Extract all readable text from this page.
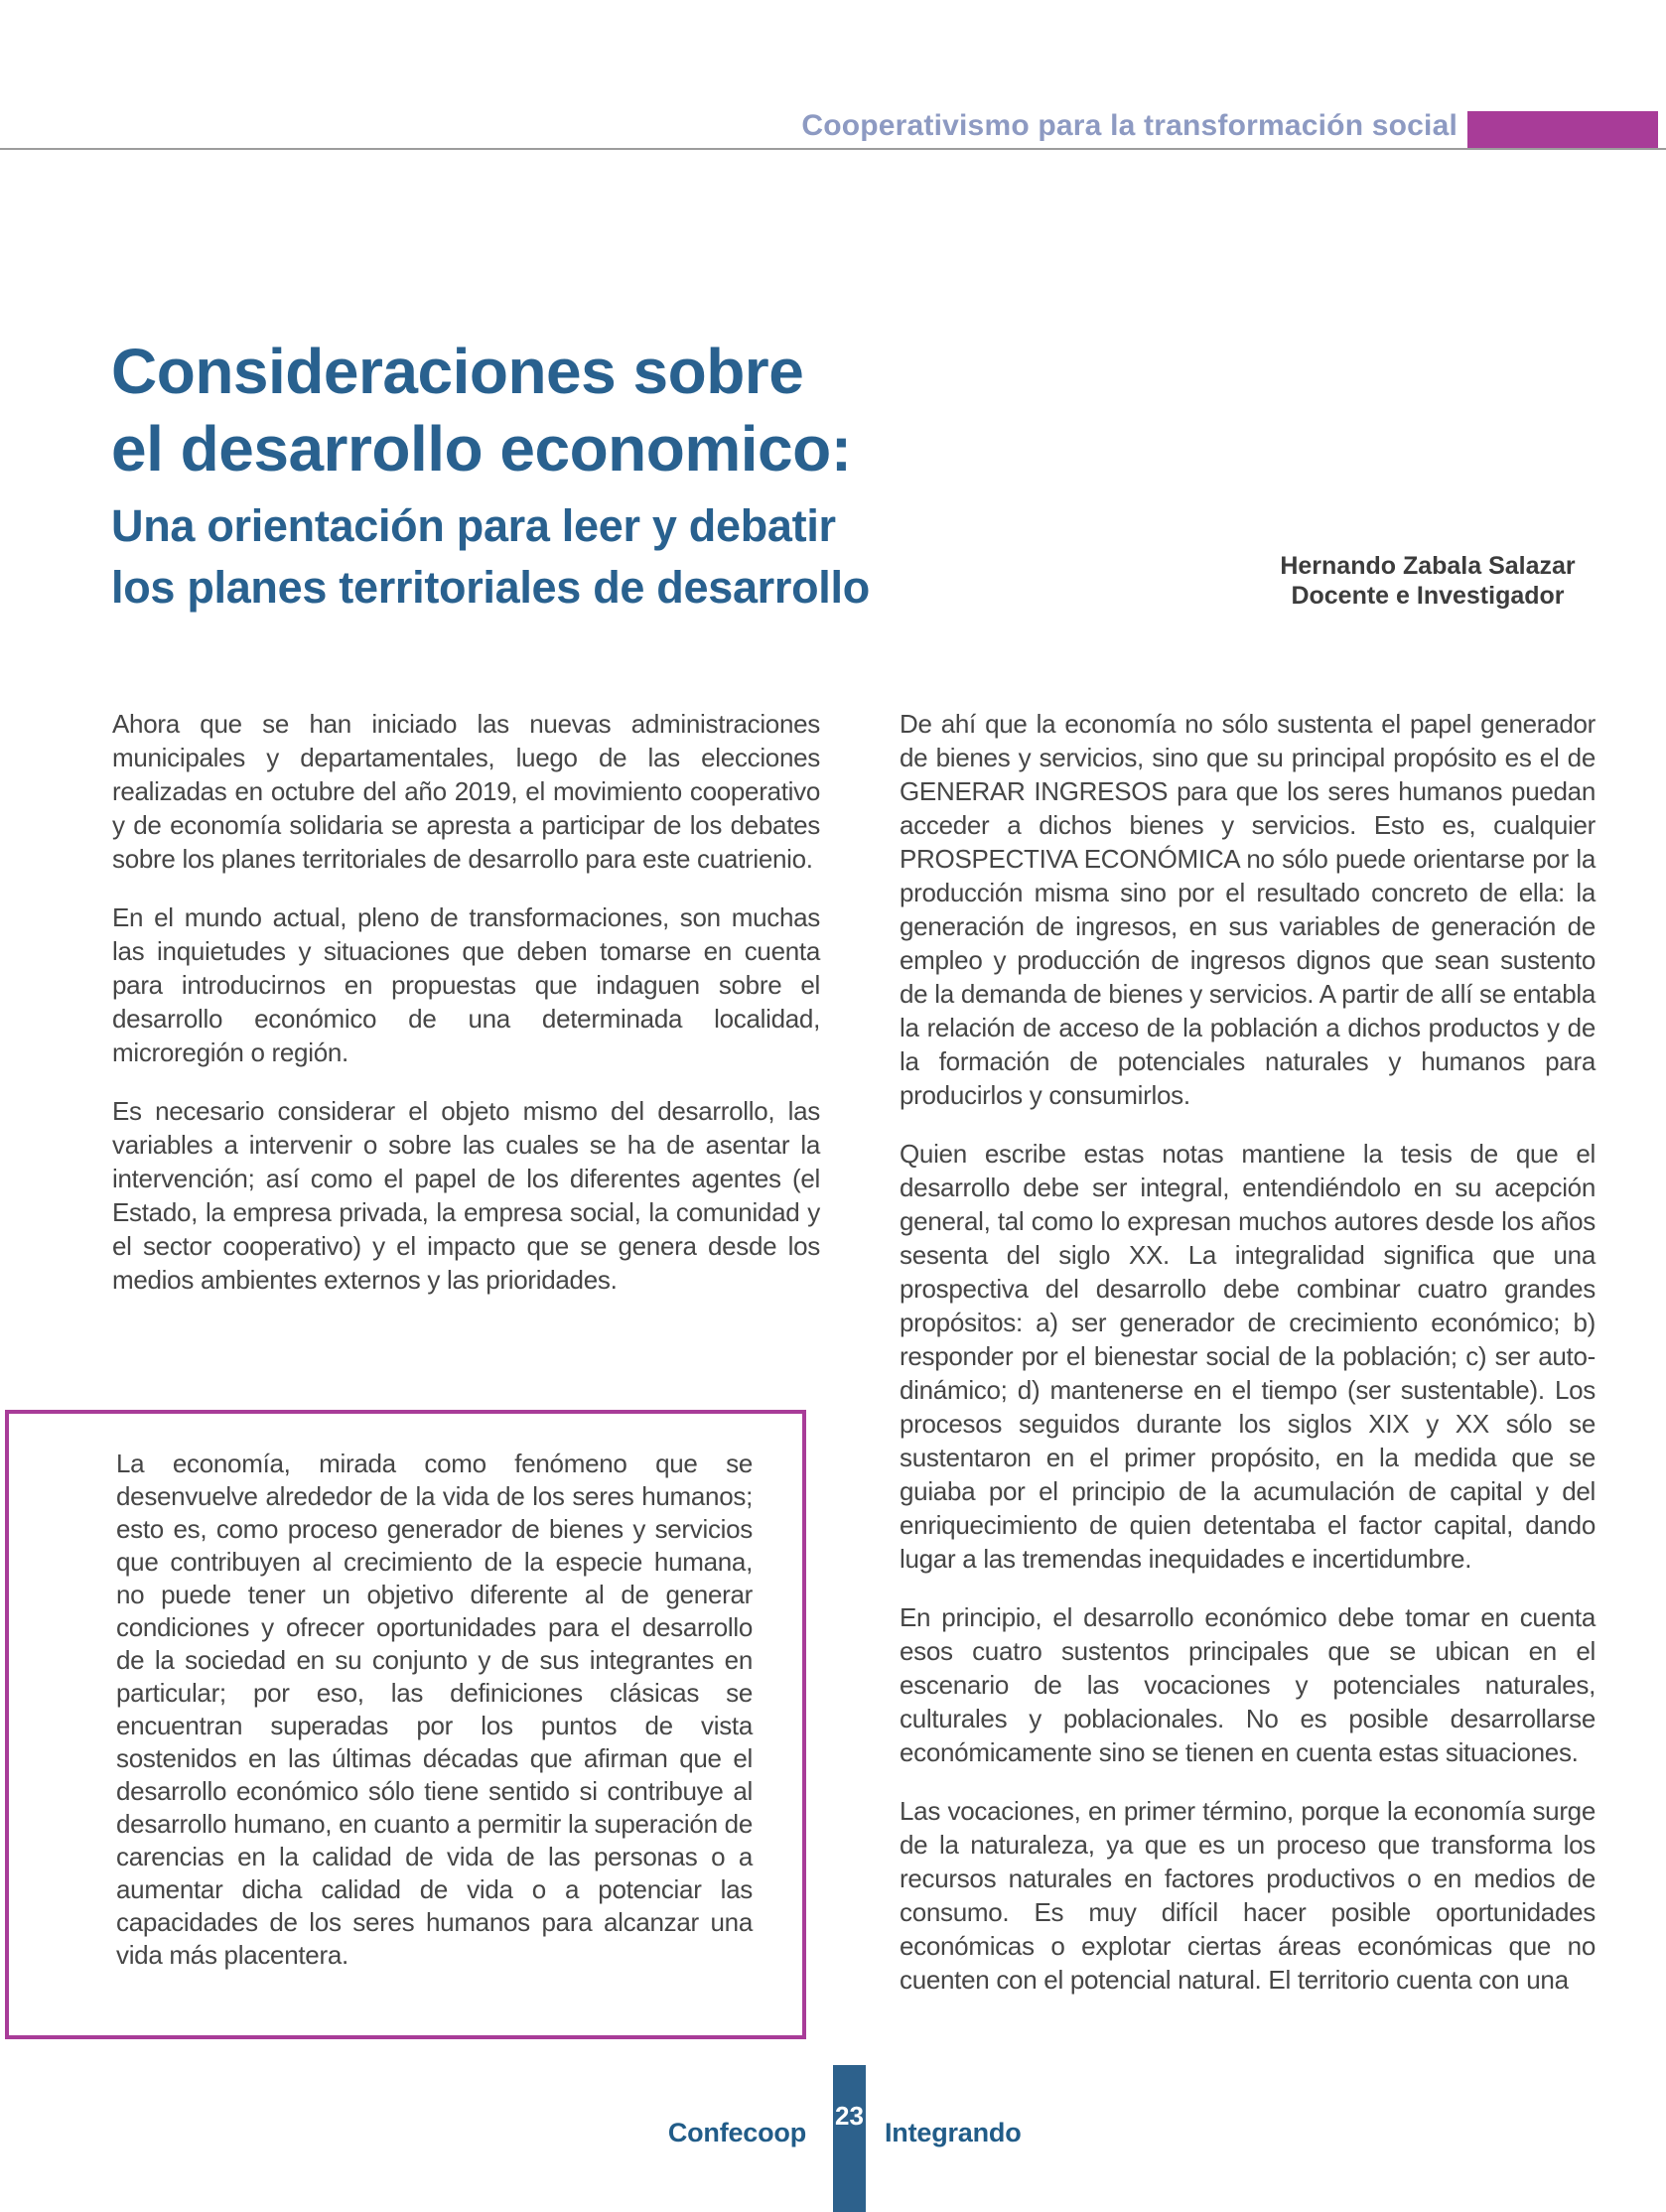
Cooperativismo para la transformación social
Consideraciones sobre
el desarrollo economico:
Una orientación para leer y debatir
los planes territoriales de desarrollo	Hernando Zabala Salazar
Docente e Investigador

Ahora que se han iniciado las nuevas administraciones municipales y departamentales, luego de las elecciones realizadas en octubre del año 2019, el movimiento cooperativo y de economía solidaria se apresta a participar de los debates sobre los planes territoriales de desarrollo para este cuatrienio.

En el mundo actual, pleno de transformaciones, son muchas las inquietudes y situaciones que deben tomarse en cuenta para introducirnos en propuestas que indaguen sobre el desarrollo económico de una determinada localidad, microregión o región.

Es necesario considerar el objeto mismo del desarrollo, las variables a intervenir o sobre las cuales se ha de asentar la intervención; así como el papel de los diferentes agentes (el Estado, la empresa privada, la empresa social, la comunidad y el sector cooperativo) y el impacto que se genera desde los medios ambientes externos y las prioridades.

La economía, mirada como fenómeno que se desenvuelve alrededor de la vida de los seres humanos; esto es, como proceso generador de bienes y servicios que contribuyen al crecimiento de la especie humana, no puede tener un objetivo diferente al de generar condiciones y ofrecer oportunidades para el desarrollo de la sociedad en su conjunto y de sus integrantes en particular; por eso, las definiciones clásicas se encuentran superadas por los puntos de vista sostenidos en las últimas décadas que afirman que el desarrollo económico sólo tiene sentido si contribuye al desarrollo humano, en cuanto a permitir la superación de carencias en la calidad de vida de las personas o a aumentar dicha calidad de vida o a potenciar las capacidades de los seres humanos para alcanzar una vida más placentera.

De ahí que la economía no sólo sustenta el papel generador de bienes y servicios, sino que su principal propósito es el de GENERAR INGRESOS para que los seres humanos puedan acceder a dichos bienes y servicios. Esto es, cualquier PROSPECTIVA ECONÓMICA no sólo puede orientarse por la producción misma sino por el resultado concreto de ella: la generación de ingresos, en sus variables de generación de empleo y producción de ingresos dignos que sean sustento de la demanda de bienes y servicios. A partir de allí se entabla la relación de acceso de la población a dichos productos y de la formación de potenciales naturales y humanos para producirlos y consumirlos.

Quien escribe estas notas mantiene la tesis de que el desarrollo debe ser integral, entendiéndolo en su acepción general, tal como lo expresan muchos autores desde los años sesenta del siglo XX. La integralidad significa que una prospectiva del desarrollo debe combinar cuatro grandes propósitos: a) ser generador de crecimiento económico; b) responder por el bienestar social de la población; c) ser auto-dinámico; d) mantenerse en el tiempo (ser sustentable). Los procesos seguidos durante los siglos XIX y XX sólo se sustentaron en el primer propósito, en la medida que se guiaba por el principio de la acumulación de capital y del enriquecimiento de quien detentaba el factor capital, dando lugar a las tremendas inequidades e incertidumbre.

En principio, el desarrollo económico debe tomar en cuenta esos cuatro sustentos principales que se ubican en el escenario de las vocaciones y potenciales naturales, culturales y poblacionales. No es posible desarrollarse económicamente sino se tienen en cuenta estas situaciones.

Las vocaciones, en primer término, porque la economía surge de la naturaleza, ya que es un proceso que transforma los recursos naturales en factores productivos o en medios de consumo. Es muy difícil hacer posible oportunidades económicas o explotar ciertas áreas económicas que no cuenten con el potencial natural. El territorio cuenta con una

Confecoop
23
Integrando
